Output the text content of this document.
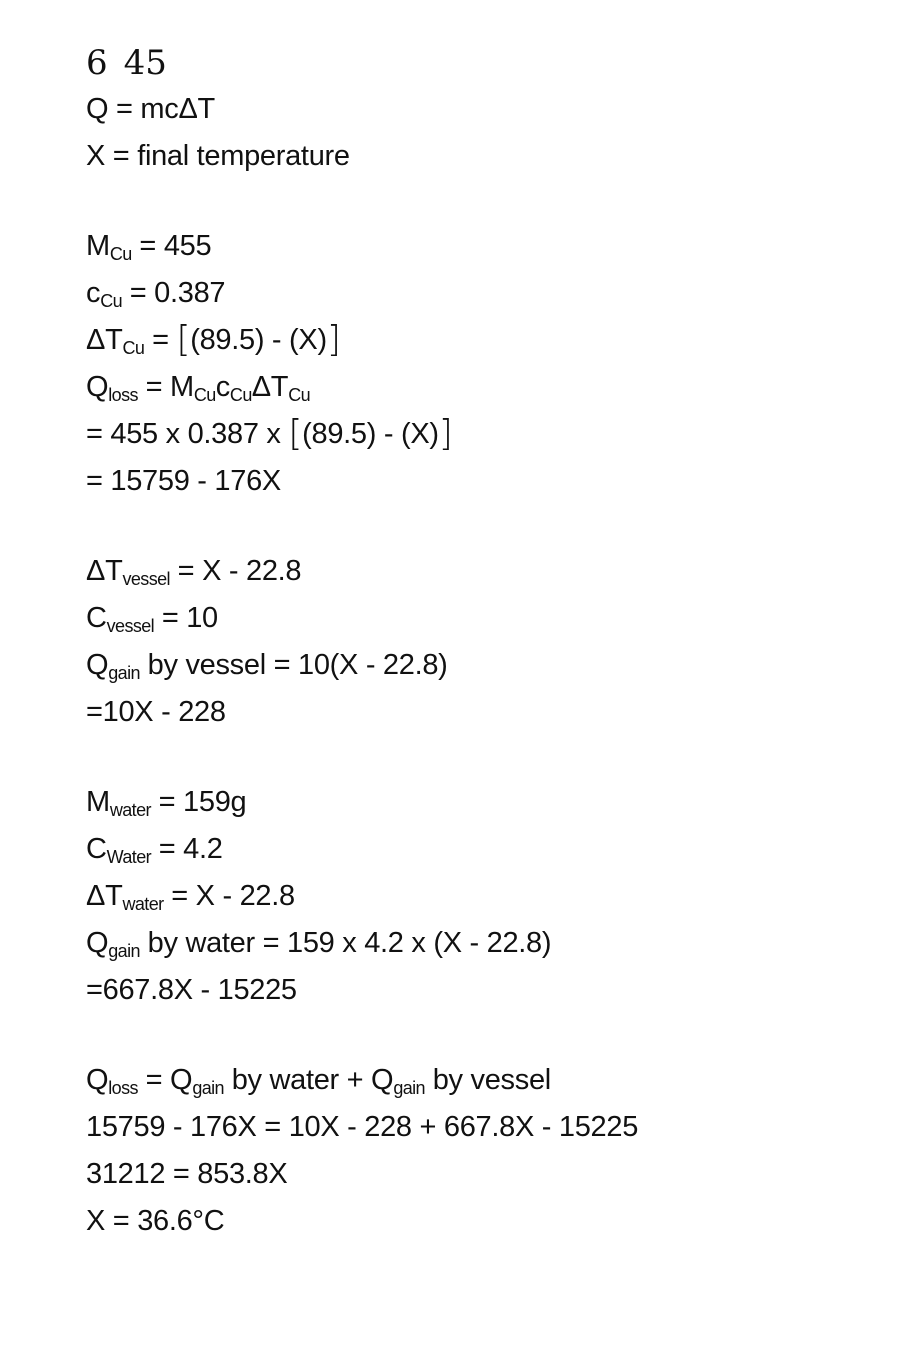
6 45
Q = mcΔT
X = final temperature
$M_{Cu} = 455$
$c_{Cu} = 0.387$
$\Delta T_{Cu} = [(89.5) - (X)]$
$Q_{loss} = M_{Cu}c_{Cu}\Delta T_{Cu}$
= 455 x 0.387 x [(89.5) - (X)]
= 15759 - 176X
$\Delta T_{vessel} = X - 22.8$
$C_{vessel} = 10$
$Q_{gain}$ by vessel = 10(X - 22.8)
=10X - 228
$M_{water} = 159g$
$C_{Water} = 4.2$
$\Delta T_{water} = X - 22.8$
$Q_{gain}$ by water = 159 x 4.2 x (X - 22.8)
=667.8X - 15225
$Q_{loss} = Q_{gain}$ by water + $Q_{gain}$ by vessel
15759 - 176X = 10X - 228 + 667.8X - 15225
31212 = 853.8X
X = 36.6°C
